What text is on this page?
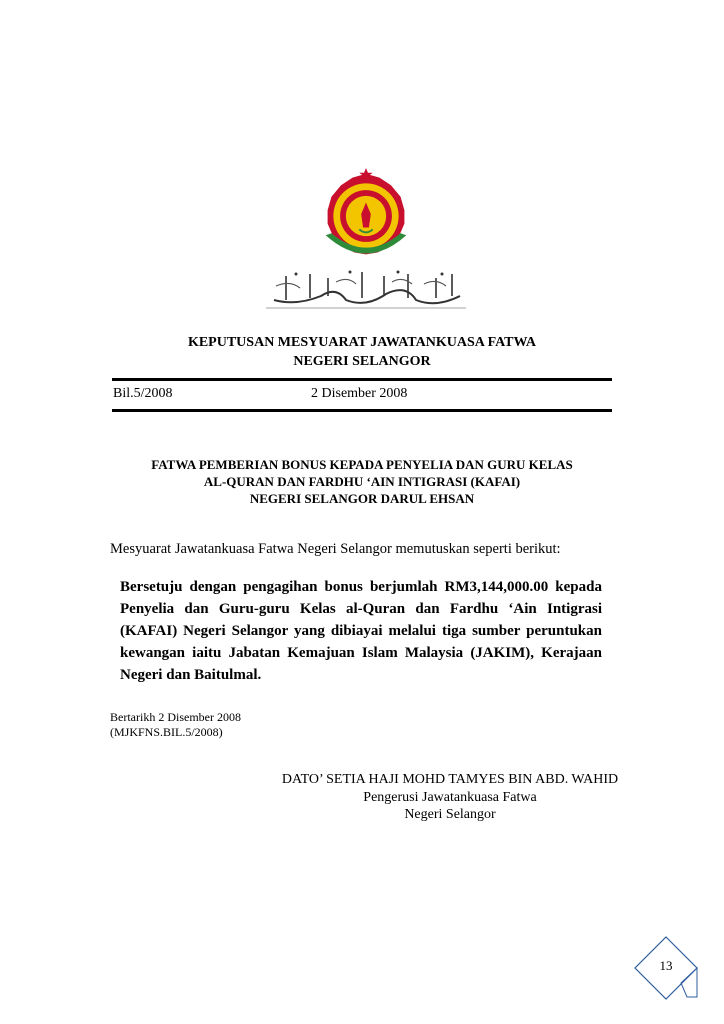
KEPUTUSAN MESYUARAT JAWATANKUASA FATWA
NEGERI SELANGOR
Bil.5/2008	2 Disember 2008
FATWA PEMBERIAN BONUS KEPADA PENYELIA DAN GURU KELAS
AL-QURAN DAN FARDHU ‘AIN INTIGRASI (KAFAI)
NEGERI SELANGOR DARUL EHSAN
Mesyuarat Jawatankuasa Fatwa Negeri Selangor memutuskan seperti berikut:
Bersetuju dengan pengagihan bonus berjumlah RM3,144,000.00 kepada Penyelia dan Guru-guru Kelas al-Quran dan Fardhu ‘Ain Intigrasi (KAFAI) Negeri Selangor yang dibiayai melalui tiga sumber peruntukan kewangan iaitu Jabatan Kemajuan Islam Malaysia (JAKIM), Kerajaan Negeri dan Baitulmal.
Bertarikh 2 Disember 2008
(MJKFNS.BIL.5/2008)
DATO’ SETIA HAJI MOHD TAMYES BIN ABD. WAHID
Pengerusi Jawatankuasa Fatwa
Negeri Selangor
13
